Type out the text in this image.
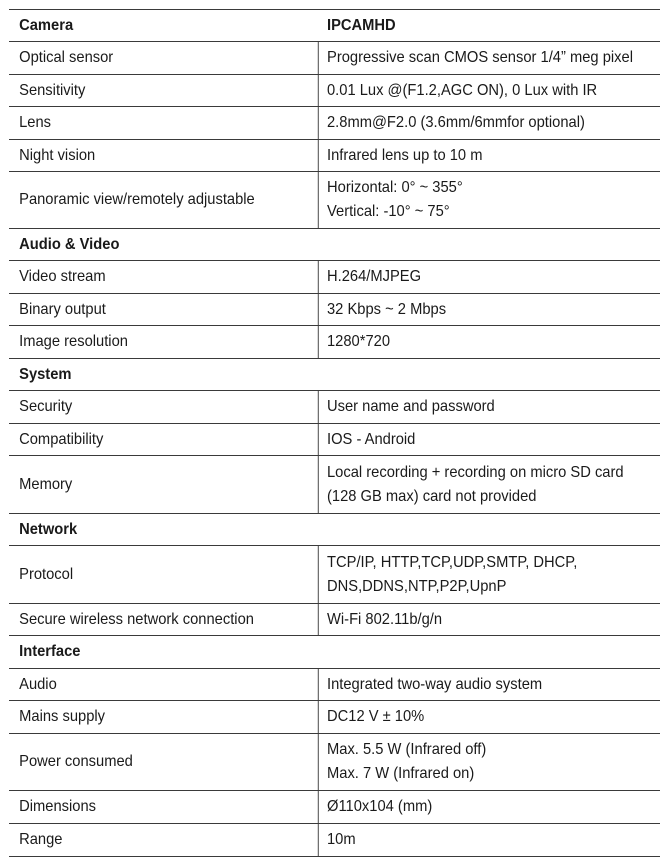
Camera	IPCAMHD
Optical sensor	Progressive scan CMOS sensor 1/4” meg pixel

Sensitivity	0.01 Lux @(F1.2,AGC ON), 0 Lux with IR

Lens	2.8mm@F2.0 (3.6mm/6mmfor optional)

Night vision	Infrared lens up to 10 m

Panoramic view/remotely adjustable	Horizontal: 0° ~ 355°
Vertical: -10° ~ 75°

Audio & Video	
Video stream	H.264/MJPEG

Binary output	32 Kbps ~ 2 Mbps

Image resolution	1280*720

System	
Security	User name and password

Compatibility	IOS - Android

Memory	Local recording + recording on micro SD card
(128 GB max) card not provided

Network	
Protocol	TCP/IP, HTTP,TCP,UDP,SMTP, DHCP,
DNS,DDNS,NTP,P2P,UpnP

Secure wireless network connection	Wi-Fi 802.11b/g/n

Interface	
Audio	Integrated two-way audio system

Mains supply	DC12 V ± 10%

Power consumed	Max. 5.5 W (Infrared off)
Max. 7 W (Infrared on)

Dimensions	Ø110x104 (mm)

Range	10m
